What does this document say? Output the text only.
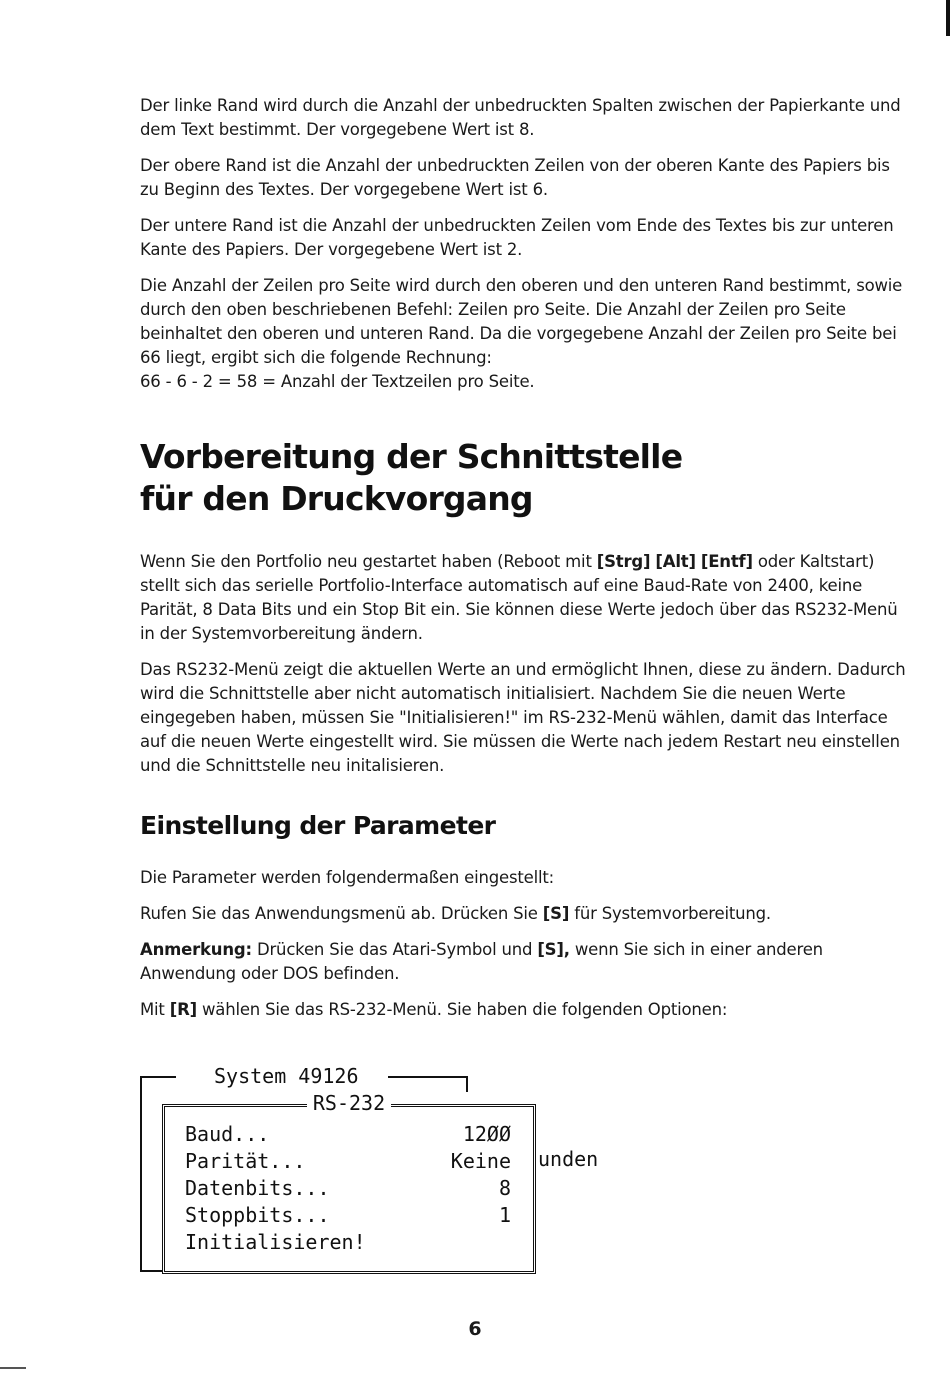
Der linke Rand wird durch die Anzahl der unbedruckten Spalten zwischen der Papierkante und dem Text bestimmt. Der vorgegebene Wert ist 8.

Der obere Rand ist die Anzahl der unbedruckten Zeilen von der oberen Kante des Papiers bis zu Beginn des Textes. Der vorgegebene Wert ist 6.

Der untere Rand ist die Anzahl der unbedruckten Zeilen vom Ende des Textes bis zur unteren Kante des Papiers. Der vorgegebene Wert ist 2.

Die Anzahl der Zeilen pro Seite wird durch den oberen und den unteren Rand bestimmt, sowie durch den oben beschriebenen Befehl: Zeilen pro Seite. Die Anzahl der Zeilen pro Seite beinhaltet den oberen und unteren Rand. Da die vorgegebene Anzahl der Zeilen pro Seite bei 66 liegt, ergibt sich die folgende Rechnung:
66 - 6 - 2 = 58 = Anzahl der Textzeilen pro Seite.

Vorbereitung der Schnittstelle
für den Druckvorgang

Wenn Sie den Portfolio neu gestartet haben (Reboot mit [Strg] [Alt] [Entf] oder Kaltstart) stellt sich das serielle Portfolio-Interface automatisch auf eine Baud-Rate von 2400, keine Parität, 8 Data Bits und ein Stop Bit ein. Sie können diese Werte jedoch über das RS232-Menü in der Systemvorbereitung ändern.

Das RS232-Menü zeigt die aktuellen Werte an und ermöglicht Ihnen, diese zu ändern. Dadurch wird die Schnittstelle aber nicht automatisch initialisiert. Nachdem Sie die neuen Werte eingegeben haben, müssen Sie "Initialisieren!" im RS-232-Menü wählen, damit das Interface auf die neuen Werte eingestellt wird. Sie müssen die Werte nach jedem Restart neu einstellen und die Schnittstelle neu initalisieren.

Einstellung der Parameter

Die Parameter werden folgendermaßen eingestellt:

Rufen Sie das Anwendungsmenü ab. Drücken Sie [S] für Systemvorbereitung.

Anmerkung: Drücken Sie das Atari-Symbol und [S], wenn Sie sich in einer anderen Anwendung oder DOS befinden.

Mit [R] wählen Sie das RS-232-Menü. Sie haben die folgenden Optionen:

System 49126
RS-232
Baud...	12ØØ
Parität...	Keine
Datenbits...	8
Stoppbits...	1
Initialisieren!
unden
6
